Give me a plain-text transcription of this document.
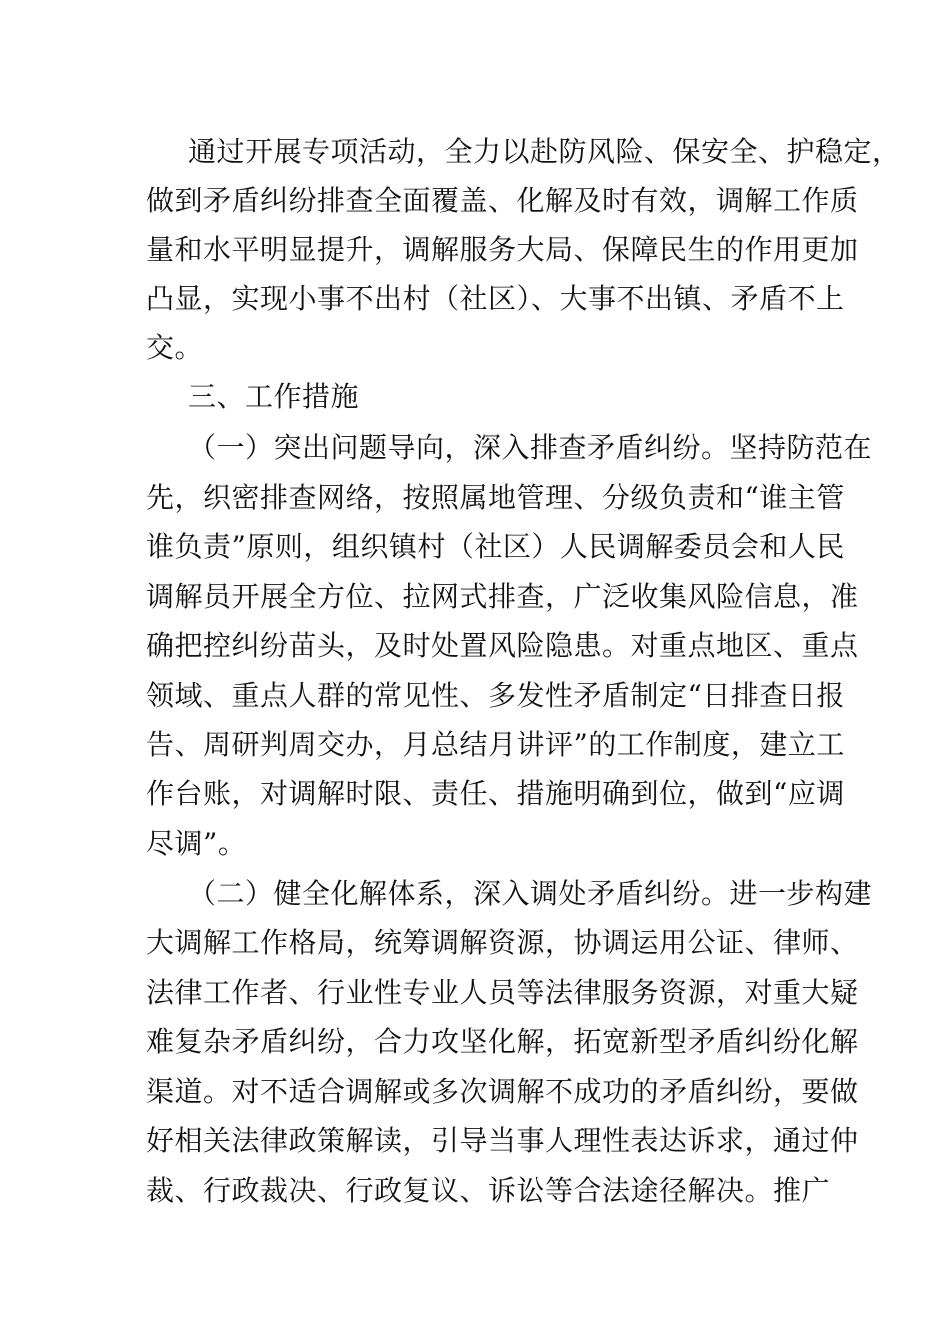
通过开展专项活动，全力以赴防风险、保安全、护稳定，
做到矛盾纠纷排查全面覆盖、化解及时有效，调解工作质
量和水平明显提升，调解服务大局、保障民生的作用更加
凸显，实现小事不出村（社区）、大事不出镇、矛盾不上
交。
三、工作措施
（一）突出问题导向，深入排查矛盾纠纷。坚持防范在
先，织密排查网络，按照属地管理、分级负责和“谁主管
谁负责”原则，组织镇村（社区）人民调解委员会和人民
调解员开展全方位、拉网式排查，广泛收集风险信息，准
确把控纠纷苗头，及时处置风险隐患。对重点地区、重点
领域、重点人群的常见性、多发性矛盾制定“日排查日报
告、周研判周交办，月总结月讲评”的工作制度，建立工
作台账，对调解时限、责任、措施明确到位，做到“应调
尽调”。
（二）健全化解体系，深入调处矛盾纠纷。进一步构建
大调解工作格局，统筹调解资源，协调运用公证、律师、
法律工作者、行业性专业人员等法律服务资源，对重大疑
难复杂矛盾纠纷，合力攻坚化解，拓宽新型矛盾纠纷化解
渠道。对不适合调解或多次调解不成功的矛盾纠纷，要做
好相关法律政策解读，引导当事人理性表达诉求，通过仲
裁、行政裁决、行政复议、诉讼等合法途径解决。推广
